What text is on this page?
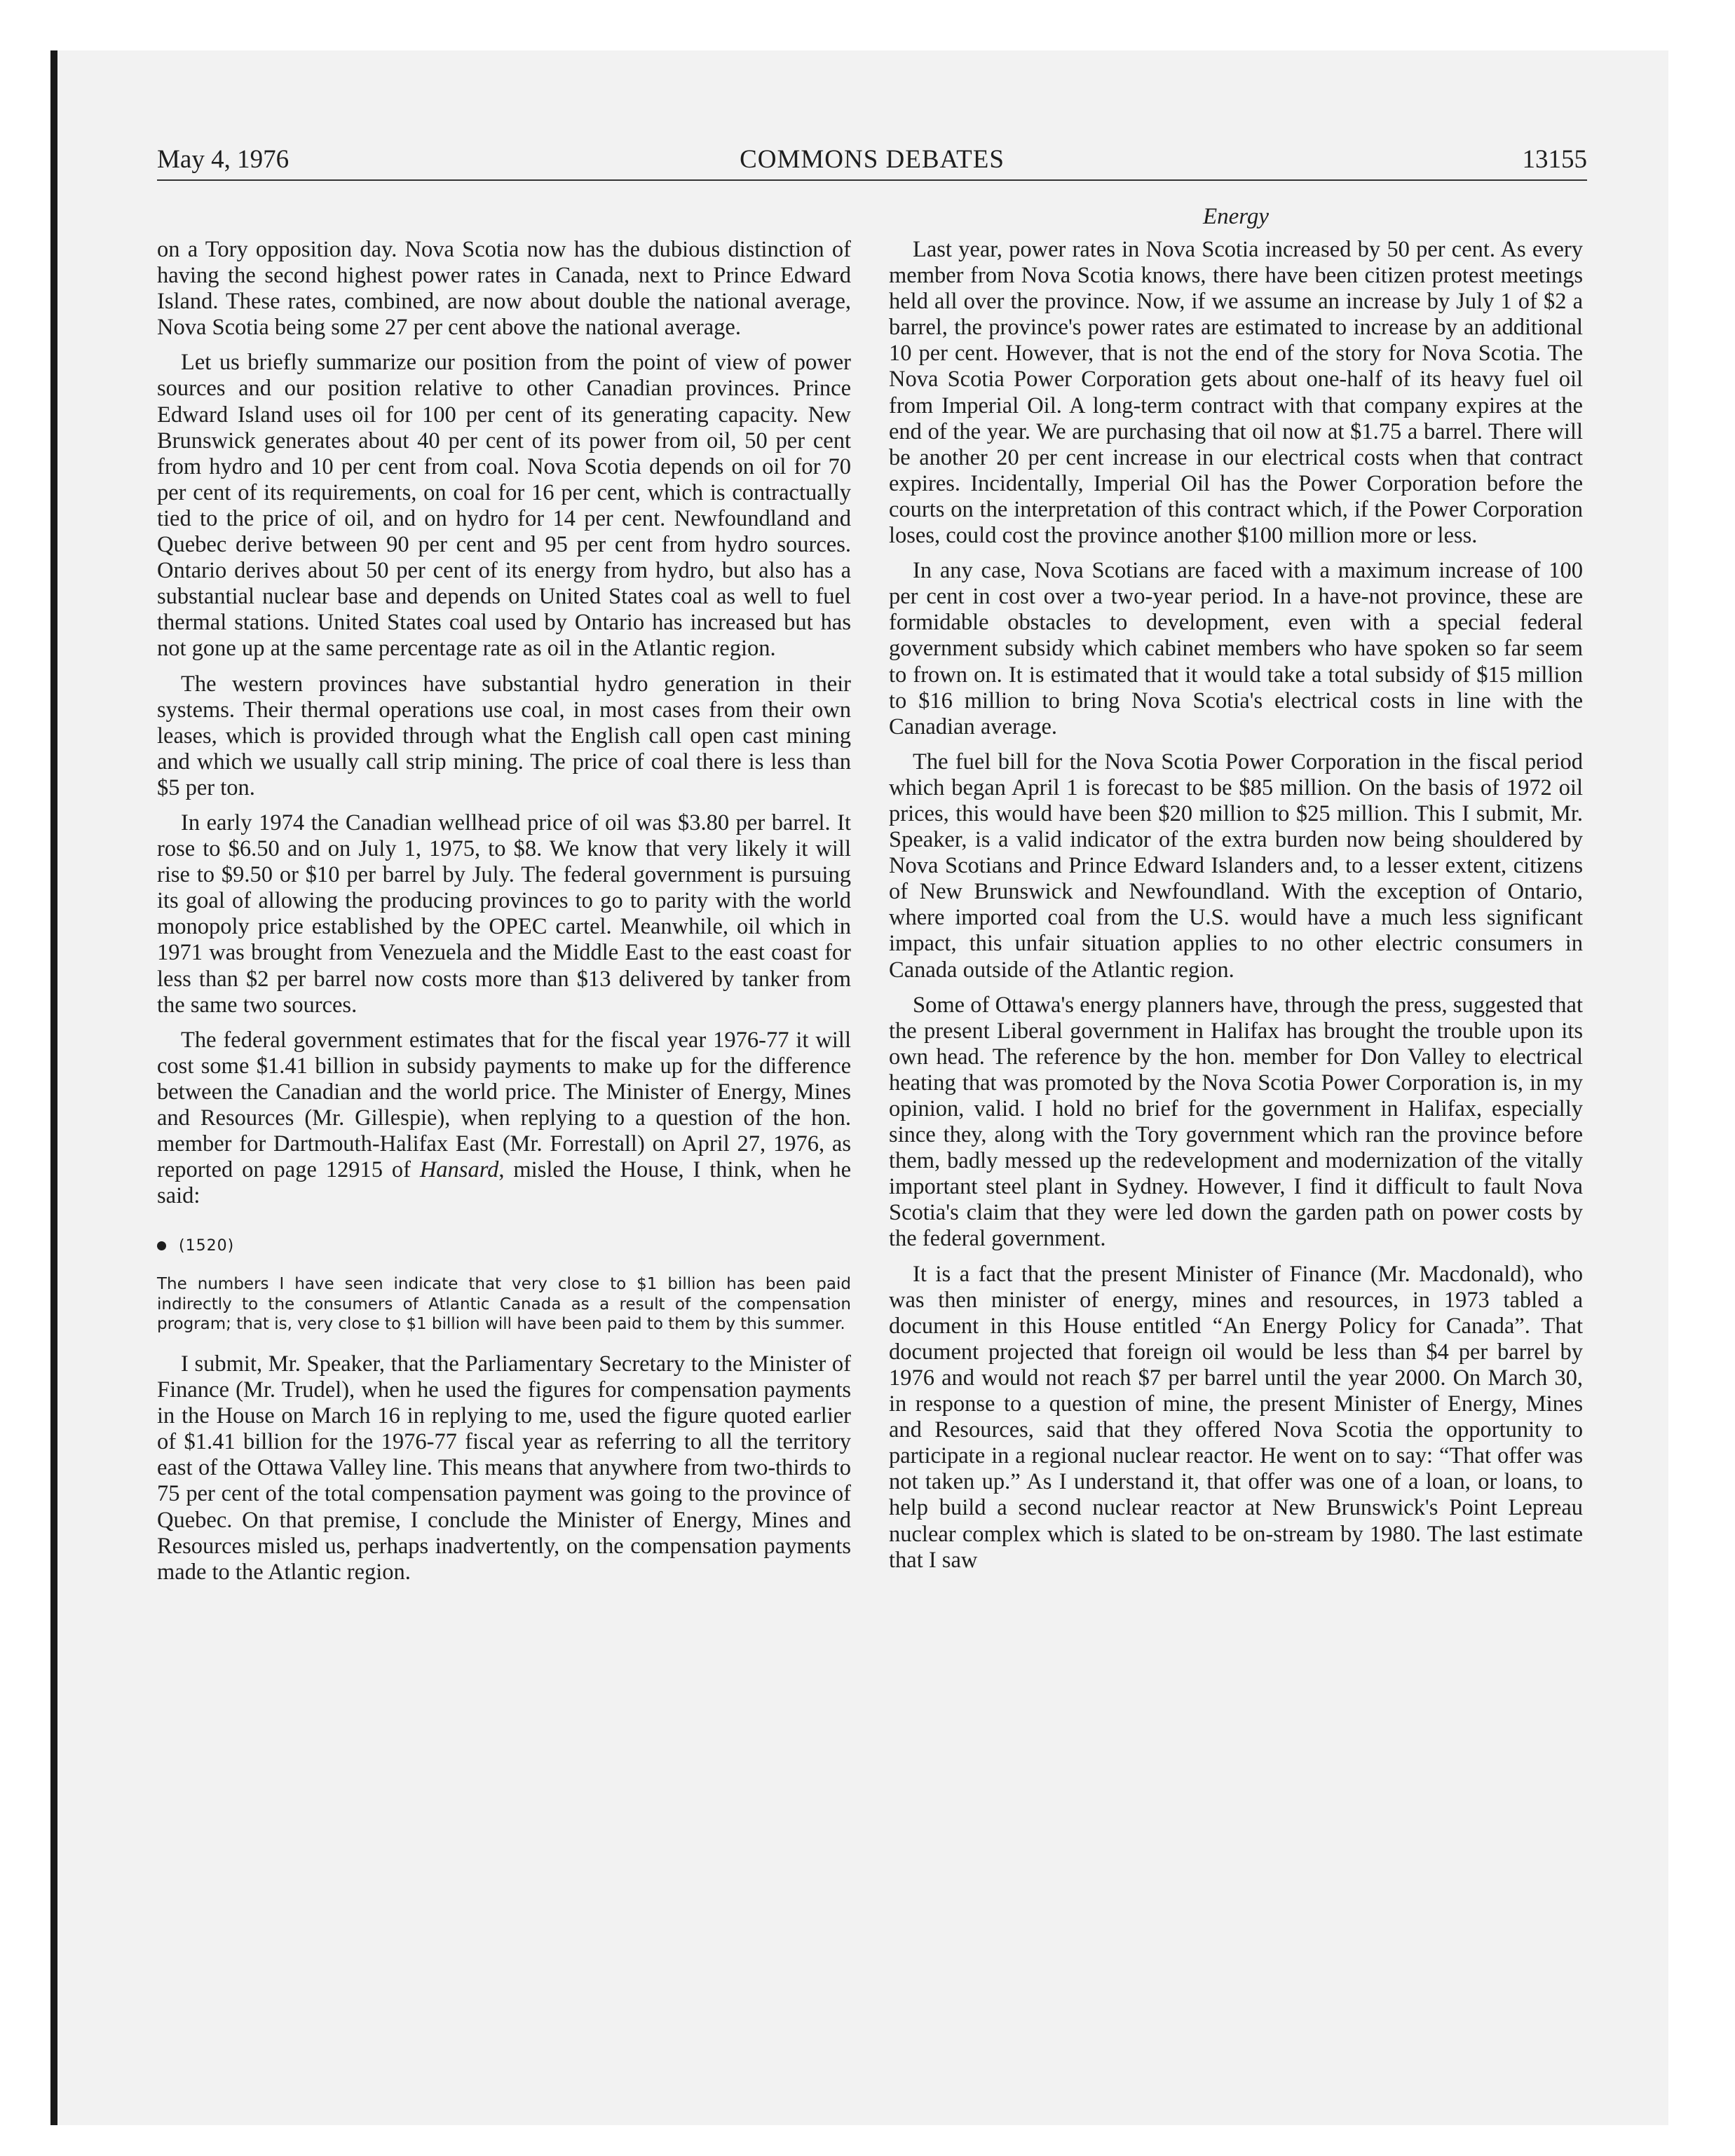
COMMONS DEBATES
May 4, 1976	13155
Energy

on a Tory opposition day. Nova Scotia now has the dubious distinction of having the second highest power rates in Canada, next to Prince Edward Island. These rates, combined, are now about double the national average, Nova Scotia being some 27 per cent above the national average.

Let us briefly summarize our position from the point of view of power sources and our position relative to other Canadian provinces. Prince Edward Island uses oil for 100 per cent of its generating capacity. New Brunswick generates about 40 per cent of its power from oil, 50 per cent from hydro and 10 per cent from coal. Nova Scotia depends on oil for 70 per cent of its requirements, on coal for 16 per cent, which is contractually tied to the price of oil, and on hydro for 14 per cent. Newfoundland and Quebec derive between 90 per cent and 95 per cent from hydro sources. Ontario derives about 50 per cent of its energy from hydro, but also has a substantial nuclear base and depends on United States coal as well to fuel thermal stations. United States coal used by Ontario has increased but has not gone up at the same percentage rate as oil in the Atlantic region.

The western provinces have substantial hydro generation in their systems. Their thermal operations use coal, in most cases from their own leases, which is provided through what the English call open cast mining and which we usually call strip mining. The price of coal there is less than $5 per ton.

In early 1974 the Canadian wellhead price of oil was $3.80 per barrel. It rose to $6.50 and on July 1, 1975, to $8. We know that very likely it will rise to $9.50 or $10 per barrel by July. The federal government is pursuing its goal of allowing the producing provinces to go to parity with the world monopoly price established by the OPEC cartel. Meanwhile, oil which in 1971 was brought from Venezuela and the Middle East to the east coast for less than $2 per barrel now costs more than $13 delivered by tanker from the same two sources.

The federal government estimates that for the fiscal year 1976-77 it will cost some $1.41 billion in subsidy payments to make up for the difference between the Canadian and the world price. The Minister of Energy, Mines and Resources (Mr. Gillespie), when replying to a question of the hon. member for Dartmouth-Halifax East (Mr. Forrestall) on April 27, 1976, as reported on page 12915 of Hansard, misled the House, I think, when he said:

(1520)
The numbers I have seen indicate that very close to $1 billion has been paid indirectly to the consumers of Atlantic Canada as a result of the compensation program; that is, very close to $1 billion will have been paid to them by this summer.

I submit, Mr. Speaker, that the Parliamentary Secretary to the Minister of Finance (Mr. Trudel), when he used the figures for compensation payments in the House on March 16 in replying to me, used the figure quoted earlier of $1.41 billion for the 1976-77 fiscal year as referring to all the territory east of the Ottawa Valley line. This means that anywhere from two-thirds to 75 per cent of the total compensation payment was going to the province of Quebec. On that premise, I conclude the Minister of Energy, Mines and Resources misled us, perhaps inadvertently, on the compensation payments made to the Atlantic region.

Last year, power rates in Nova Scotia increased by 50 per cent. As every member from Nova Scotia knows, there have been citizen protest meetings held all over the province. Now, if we assume an increase by July 1 of $2 a barrel, the province's power rates are estimated to increase by an additional 10 per cent. However, that is not the end of the story for Nova Scotia. The Nova Scotia Power Corporation gets about one-half of its heavy fuel oil from Imperial Oil. A long-term contract with that company expires at the end of the year. We are purchasing that oil now at $1.75 a barrel. There will be another 20 per cent increase in our electrical costs when that contract expires. Incidentally, Imperial Oil has the Power Corporation before the courts on the interpretation of this contract which, if the Power Corporation loses, could cost the province another $100 million more or less.

In any case, Nova Scotians are faced with a maximum increase of 100 per cent in cost over a two-year period. In a have-not province, these are formidable obstacles to development, even with a special federal government subsidy which cabinet members who have spoken so far seem to frown on. It is estimated that it would take a total subsidy of $15 million to $16 million to bring Nova Scotia's electrical costs in line with the Canadian average.

The fuel bill for the Nova Scotia Power Corporation in the fiscal period which began April 1 is forecast to be $85 million. On the basis of 1972 oil prices, this would have been $20 million to $25 million. This I submit, Mr. Speaker, is a valid indicator of the extra burden now being shouldered by Nova Scotians and Prince Edward Islanders and, to a lesser extent, citizens of New Brunswick and Newfoundland. With the exception of Ontario, where imported coal from the U.S. would have a much less significant impact, this unfair situation applies to no other electric consumers in Canada outside of the Atlantic region.

Some of Ottawa's energy planners have, through the press, suggested that the present Liberal government in Halifax has brought the trouble upon its own head. The reference by the hon. member for Don Valley to electrical heating that was promoted by the Nova Scotia Power Corporation is, in my opinion, valid. I hold no brief for the government in Halifax, especially since they, along with the Tory government which ran the province before them, badly messed up the redevelopment and modernization of the vitally important steel plant in Sydney. However, I find it difficult to fault Nova Scotia's claim that they were led down the garden path on power costs by the federal government.

It is a fact that the present Minister of Finance (Mr. Macdonald), who was then minister of energy, mines and resources, in 1973 tabled a document in this House entitled “An Energy Policy for Canada”. That document projected that foreign oil would be less than $4 per barrel by 1976 and would not reach $7 per barrel until the year 2000. On March 30, in response to a question of mine, the present Minister of Energy, Mines and Resources, said that they offered Nova Scotia the opportunity to participate in a regional nuclear reactor. He went on to say: “That offer was not taken up.” As I understand it, that offer was one of a loan, or loans, to help build a second nuclear reactor at New Brunswick's Point Lepreau nuclear complex which is slated to be on-stream by 1980. The last estimate that I saw
